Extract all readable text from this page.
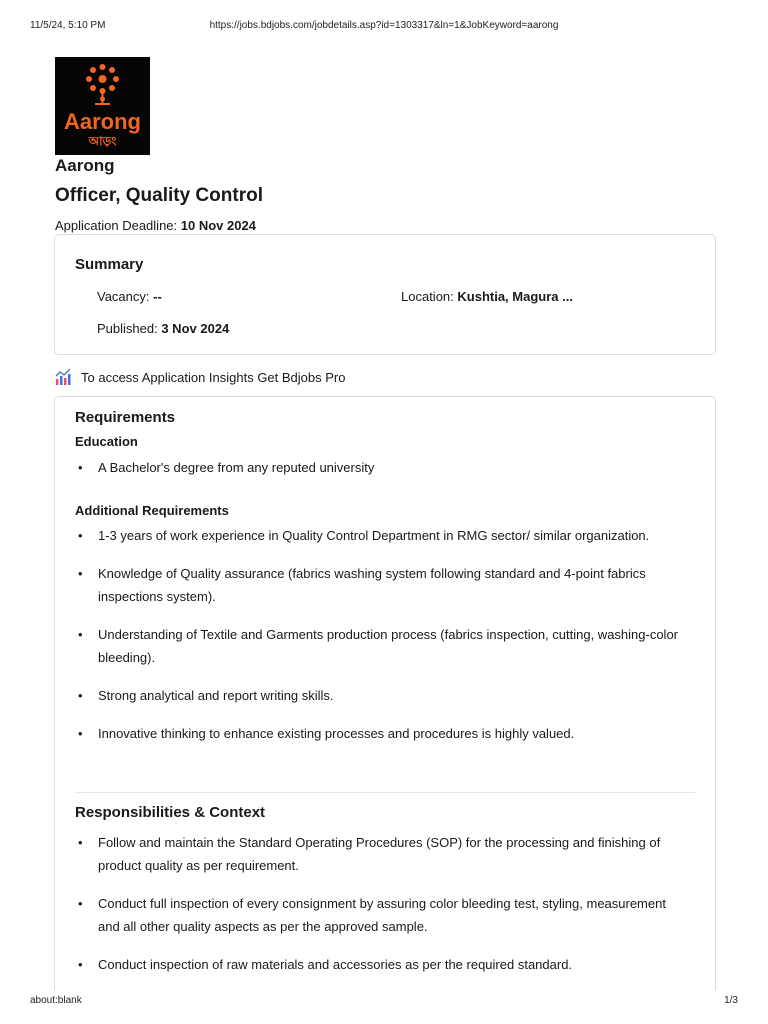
11/5/24, 5:10 PM	https://jobs.bdjobs.com/jobdetails.asp?id=1303317&ln=1&JobKeyword=aarong
Aarong
আড়ং
Aarong
Officer, Quality Control
Application Deadline: 10 Nov 2024
Summary
Vacancy: --	Location: Kushtia, Magura ...
Published: 3 Nov 2024
To access Application Insights Get Bdjobs Pro
Requirements
Education
• A Bachelor's degree from any reputed university
Additional Requirements
• 1-3 years of work experience in Quality Control Department in RMG sector/ similar organization.
• Knowledge of Quality assurance (fabrics washing system following standard and 4-point fabrics inspections system).
• Understanding of Textile and Garments production process (fabrics inspection, cutting, washing-color bleeding).
• Strong analytical and report writing skills.
• Innovative thinking to enhance existing processes and procedures is highly valued.
Responsibilities & Context
• Follow and maintain the Standard Operating Procedures (SOP) for the processing and finishing of product quality as per requirement.
• Conduct full inspection of every consignment by assuring color bleeding test, styling, measurement and all other quality aspects as per the approved sample.
• Conduct inspection of raw materials and accessories as per the required standard.
about:blank	1/3
